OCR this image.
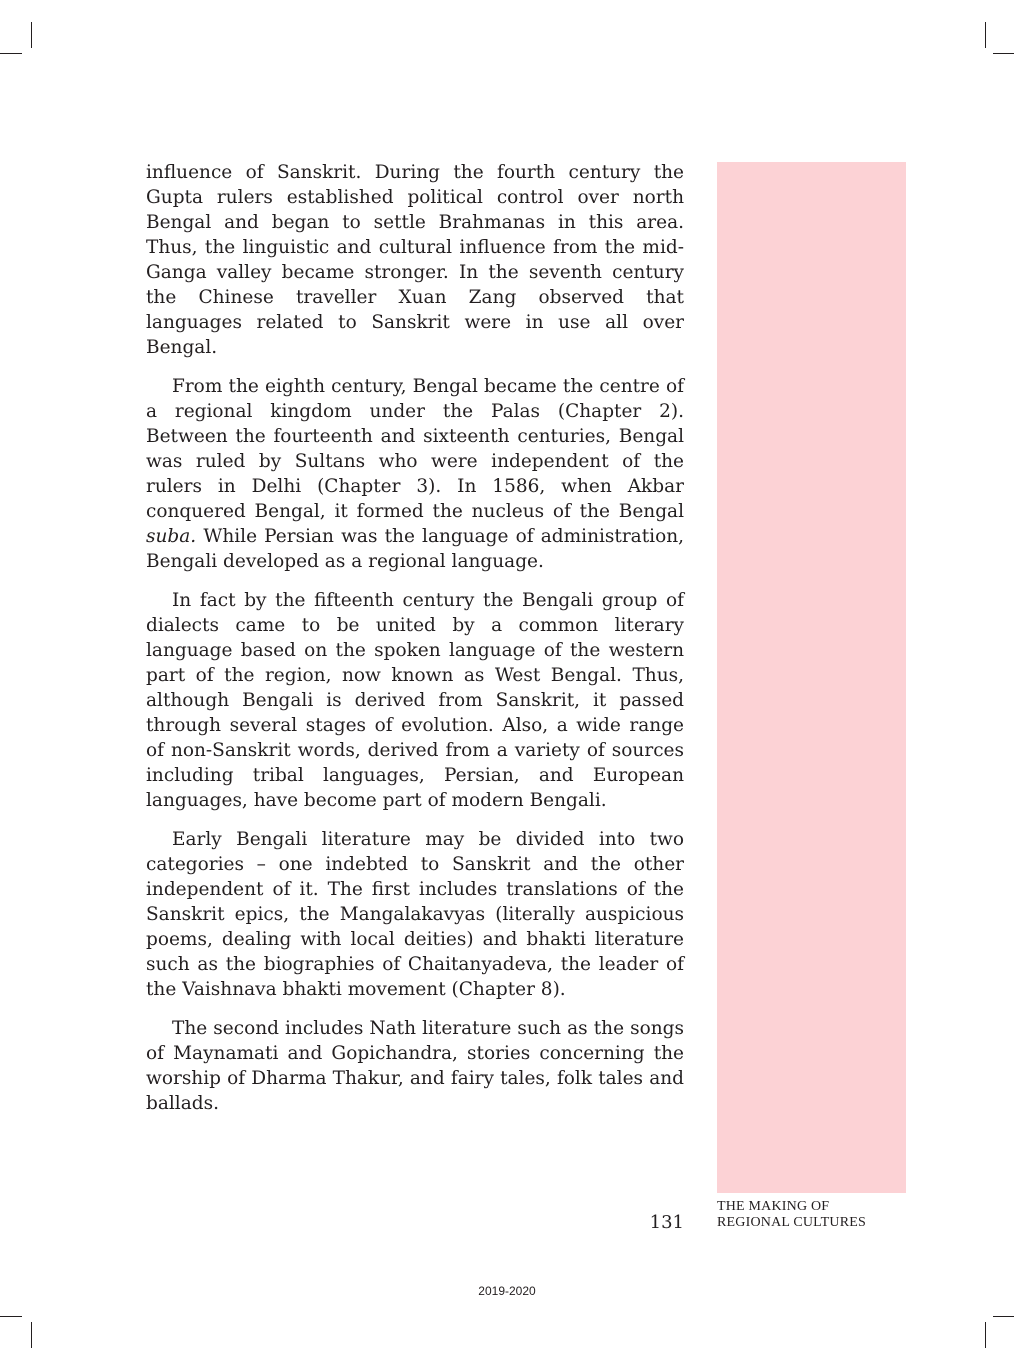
influence of Sanskrit. During the fourth century the Gupta rulers established political control over north Bengal and began to settle Brahmanas in this area. Thus, the linguistic and cultural influence from the mid-Ganga valley became stronger. In the seventh century the Chinese traveller Xuan Zang observed that languages related to Sanskrit were in use all over Bengal.

From the eighth century, Bengal became the centre of a regional kingdom under the Palas (Chapter 2). Between the fourteenth and sixteenth centuries, Bengal was ruled by Sultans who were independent of the rulers in Delhi (Chapter 3). In 1586, when Akbar conquered Bengal, it formed the nucleus of the Bengal suba. While Persian was the language of administration, Bengali developed as a regional language.

In fact by the fifteenth century the Bengali group of dialects came to be united by a common literary language based on the spoken language of the western part of the region, now known as West Bengal. Thus, although Bengali is derived from Sanskrit, it passed through several stages of evolution. Also, a wide range of non-Sanskrit words, derived from a variety of sources including tribal languages, Persian, and European languages, have become part of modern Bengali.

Early Bengali literature may be divided into two categories – one indebted to Sanskrit and the other independent of it. The first includes translations of the Sanskrit epics, the Mangalakavyas (literally auspicious poems, dealing with local deities) and bhakti literature such as the biographies of Chaitanyadeva, the leader of the Vaishnava bhakti movement (Chapter 8).

The second includes Nath literature such as the songs of Maynamati and Gopichandra, stories concerning the worship of Dharma Thakur, and fairy tales, folk tales and ballads.

131
THE MAKING OF
REGIONAL CULTURES
2019-2020
